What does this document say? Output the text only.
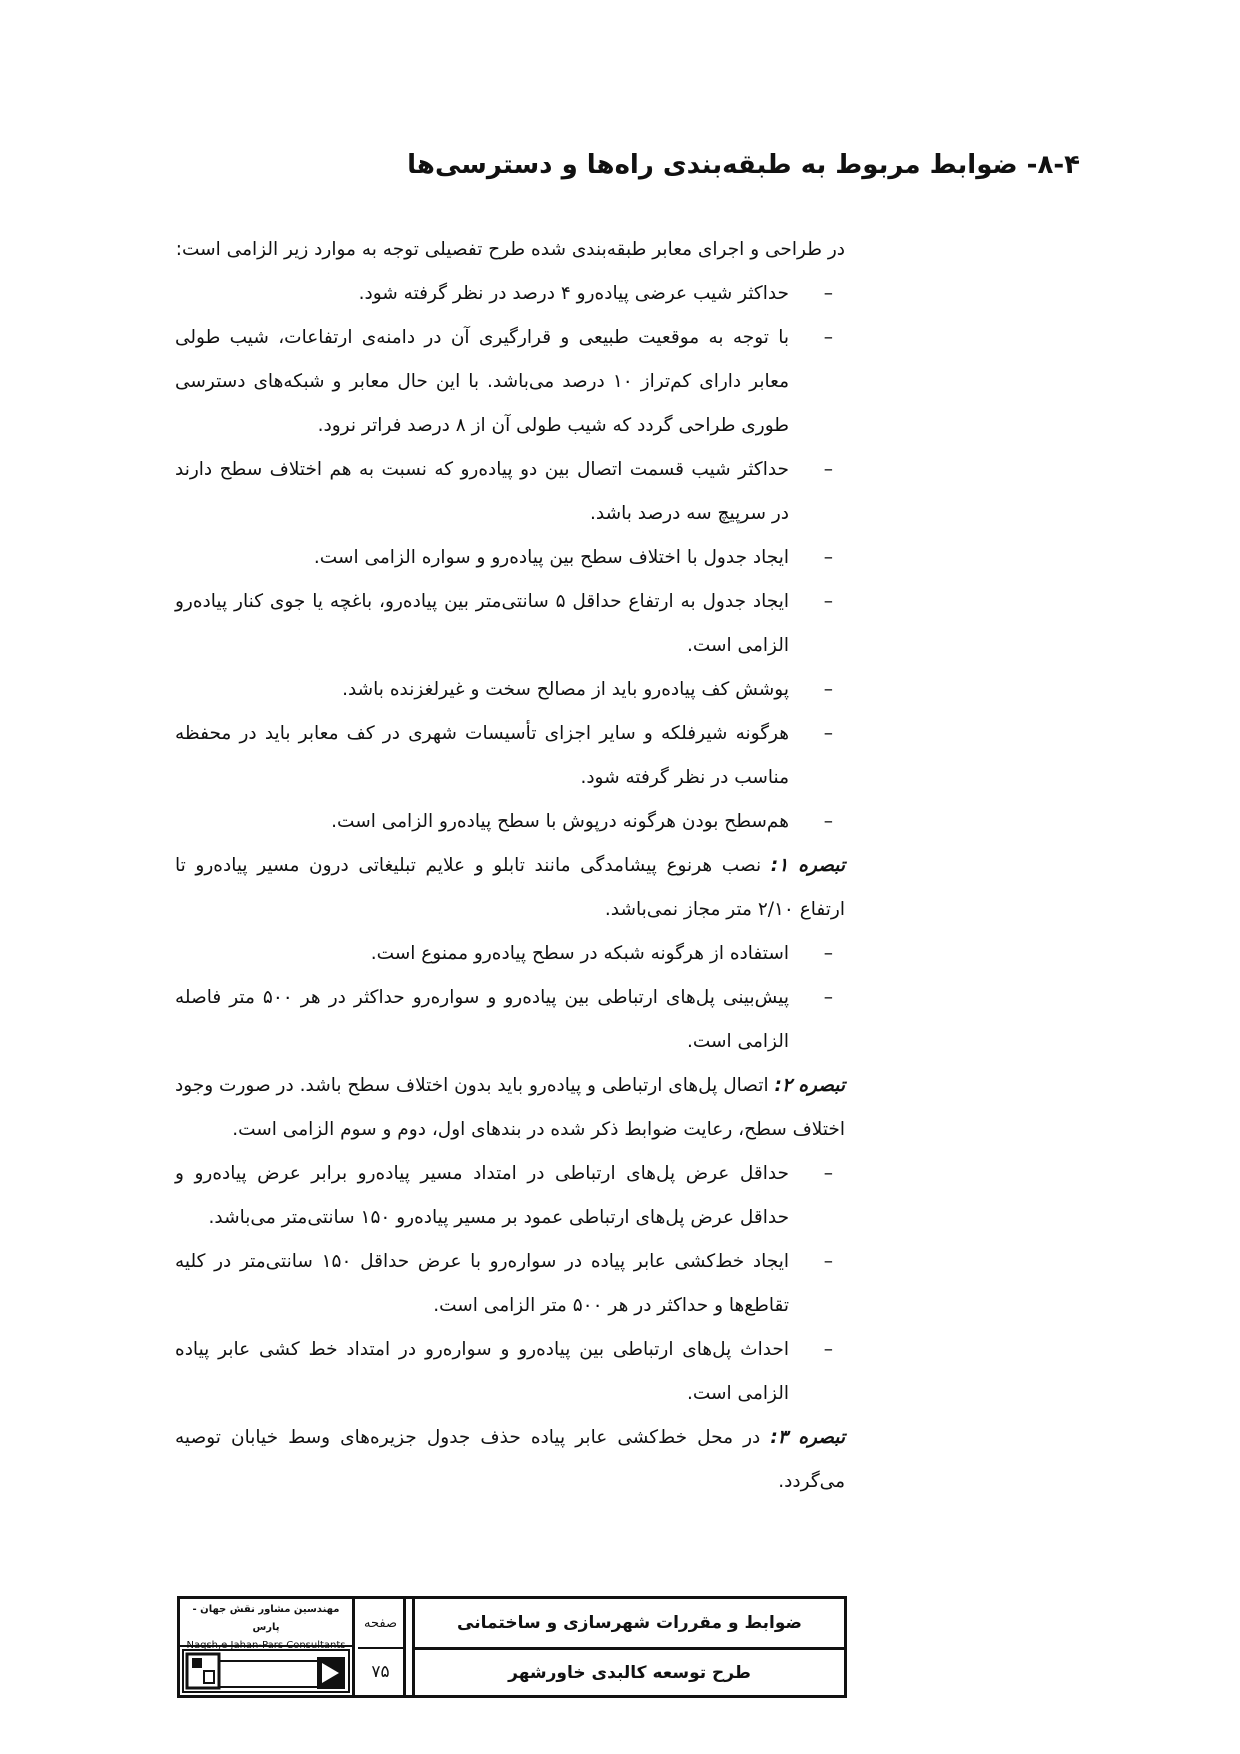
۸-۴- ضوابط مربوط به طبقه‌بندی راه‌ها و دسترسی‌ها

در طراحی و اجرای معابر طبقه‌بندی شده طرح تفصیلی توجه به موارد زیر الزامی است:

– حداکثر شیب عرضی پیاده‌رو ۴ درصد در نظر گرفته شود.
– با توجه به موقعیت طبیعی و قرارگیری آن در دامنه‌ی ارتفاعات، شیب طولی معابر دارای کم‌تراز ۱۰ درصد می‌باشد. با این حال معابر و شبکه‌های دسترسی طوری طراحی گردد که شیب طولی آن از ۸ درصد فراتر نرود.
– حداکثر شیب قسمت اتصال بین دو پیاده‌رو که نسبت به هم اختلاف سطح دارند در سرپیچ سه درصد باشد.
– ایجاد جدول با اختلاف سطح بین پیاده‌رو و سواره الزامی است.
– ایجاد جدول به ارتفاع حداقل ۵ سانتی‌متر بین پیاده‌رو، باغچه یا جوی کنار پیاده‌رو الزامی است.
– پوشش کف پیاده‌رو باید از مصالح سخت و غیرلغزنده باشد.
– هرگونه شیرفلکه و سایر اجزای تأسیسات شهری در کف معابر باید در محفظه مناسب در نظر گرفته شود.
– هم‌سطح بودن هرگونه درپوش با سطح پیاده‌رو الزامی است.

تبصره ۱: نصب هرنوع پیشامدگی مانند تابلو و علایم تبلیغاتی درون مسیر پیاده‌رو تا ارتفاع ۲/۱۰ متر مجاز نمی‌باشد.

– استفاده از هرگونه شبکه در سطح پیاده‌رو ممنوع است.
– پیش‌بینی پل‌های ارتباطی بین پیاده‌رو و سواره‌رو حداکثر در هر ۵۰۰ متر فاصله الزامی است.

تبصره ۲: اتصال پل‌های ارتباطی و پیاده‌رو باید بدون اختلاف سطح باشد. در صورت وجود اختلاف سطح، رعایت ضوابط ذکر شده در بندهای اول، دوم و سوم الزامی است.

– حداقل عرض پل‌های ارتباطی در امتداد مسیر پیاده‌رو برابر عرض پیاده‌رو و حداقل عرض پل‌های ارتباطی عمود بر مسیر پیاده‌رو ۱۵۰ سانتی‌متر می‌باشد.
– ایجاد خط‌کشی عابر پیاده در سواره‌رو با عرض حداقل ۱۵۰ سانتی‌متر در کلیه تقاطع‌ها و حداکثر در هر ۵۰۰ متر الزامی است.
– احداث پل‌های ارتباطی بین پیاده‌رو و سواره‌رو در امتداد خط کشی عابر پیاده الزامی است.

تبصره ۳: در محل خط‌کشی عابر پیاده حذف جدول جزیره‌های وسط خیابان توصیه می‌گردد.

مهندسین مشاور نقش جهان - پارس
Naqsh,e Jahan-Pars Consultants
صفحه
۷۵
ضوابط و مقررات شهرسازی و ساختمانی
طرح توسعه کالبدی خاورشهر
